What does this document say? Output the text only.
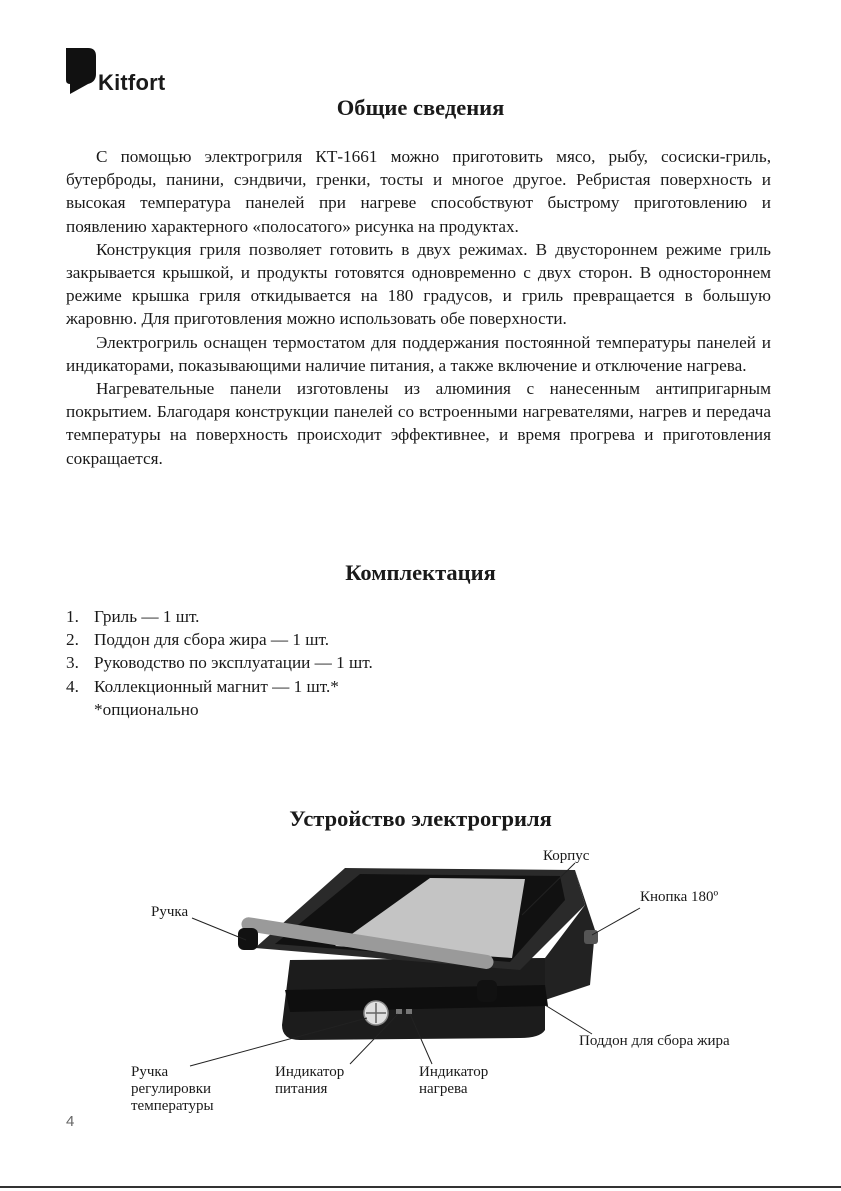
Kitfort
Общие сведения

С помощью электрогриля КТ-1661 можно приготовить мясо, рыбу, сосиски-гриль, бутерброды, панини, сэндвичи, гренки, тосты и многое другое. Ребристая поверхность и высокая температура панелей при нагреве способствуют быстрому приготовлению и появлению характерного «полосатого» рисунка на продуктах.

Конструкция гриля позволяет готовить в двух режимах. В двустороннем режиме гриль закрывается крышкой, и продукты готовятся одновременно с двух сторон. В одностороннем режиме крышка гриля откидывается на 180 градусов, и гриль превращается в большую жаровню. Для приготовления можно использовать обе поверхности.

Электрогриль оснащен термостатом для поддержания постоянной температуры панелей и индикаторами, показывающими наличие питания, а также включение и отключение нагрева.

Нагревательные панели изготовлены из алюминия с нанесенным антипригарным покрытием. Благодаря конструкции панелей со встроенными нагревателями, нагрев и передача температуры на поверхность происходит эффективнее, и время прогрева и приготовления сокращается.

Комплектация
1. Гриль — 1 шт.
2. Поддон для сбора жира — 1 шт.
3. Руководство по эксплуатации — 1 шт.
4. Коллекционный магнит — 1 шт.*
*опционально
Устройство электрогриля
Корпус
Кнопка 180º
Ручка
Поддон для сбора жира
Ручка
регулировки
температуры
Индикатор
питания
Индикатор
нагрева
4
